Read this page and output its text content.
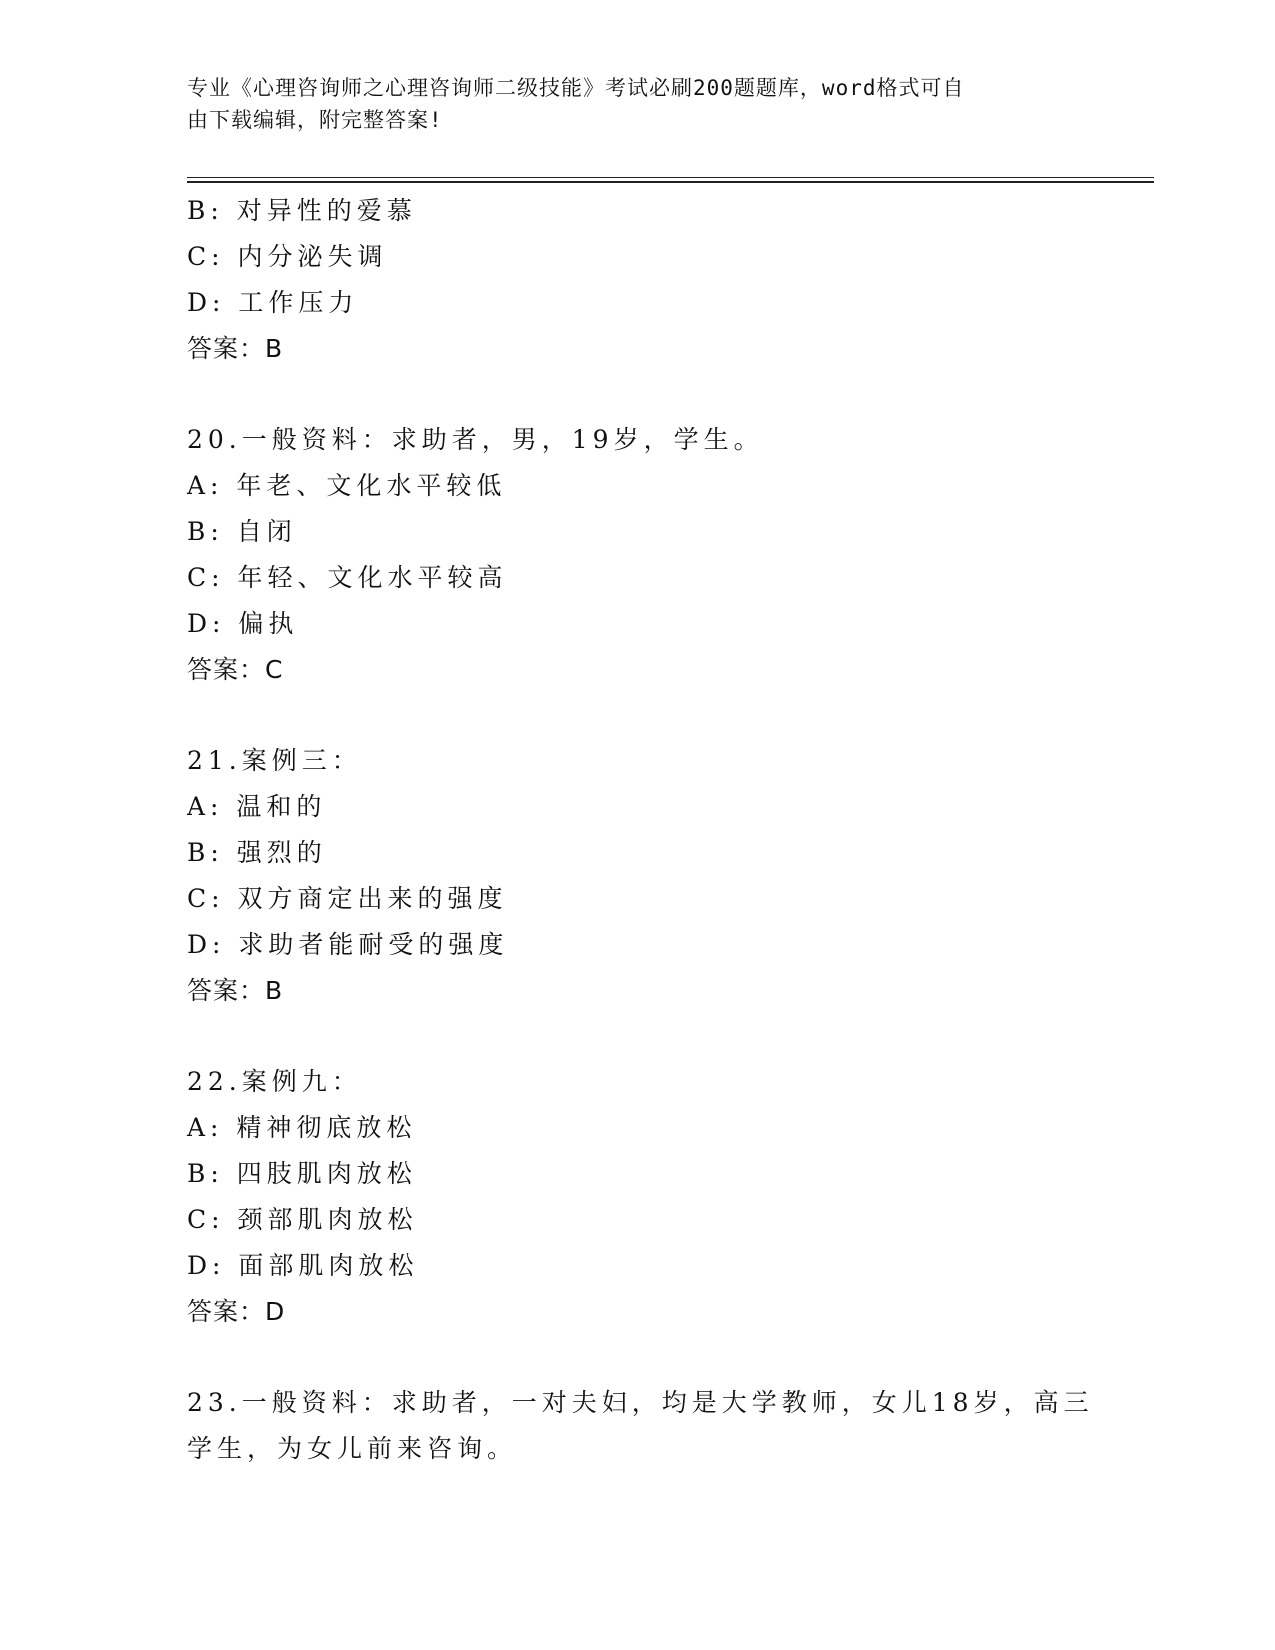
专业《心理咨询师之心理咨询师二级技能》考试必刷200题题库，word格式可自
由下载编辑，附完整答案!
B: 对异性的爱慕
C: 内分泌失调
D: 工作压力
答案：B
20.一般资料：求助者，男，19岁，学生。
A: 年老、文化水平较低
B: 自闭
C: 年轻、文化水平较高
D: 偏执
答案：C
21.案例三：
A: 温和的
B: 强烈的
C: 双方商定出来的强度
D: 求助者能耐受的强度
答案：B
22.案例九：
A: 精神彻底放松
B: 四肢肌肉放松
C: 颈部肌肉放松
D: 面部肌肉放松
答案：D
23.一般资料：求助者，一对夫妇，均是大学教师，女儿18岁，高三
学生，为女儿前来咨询。
